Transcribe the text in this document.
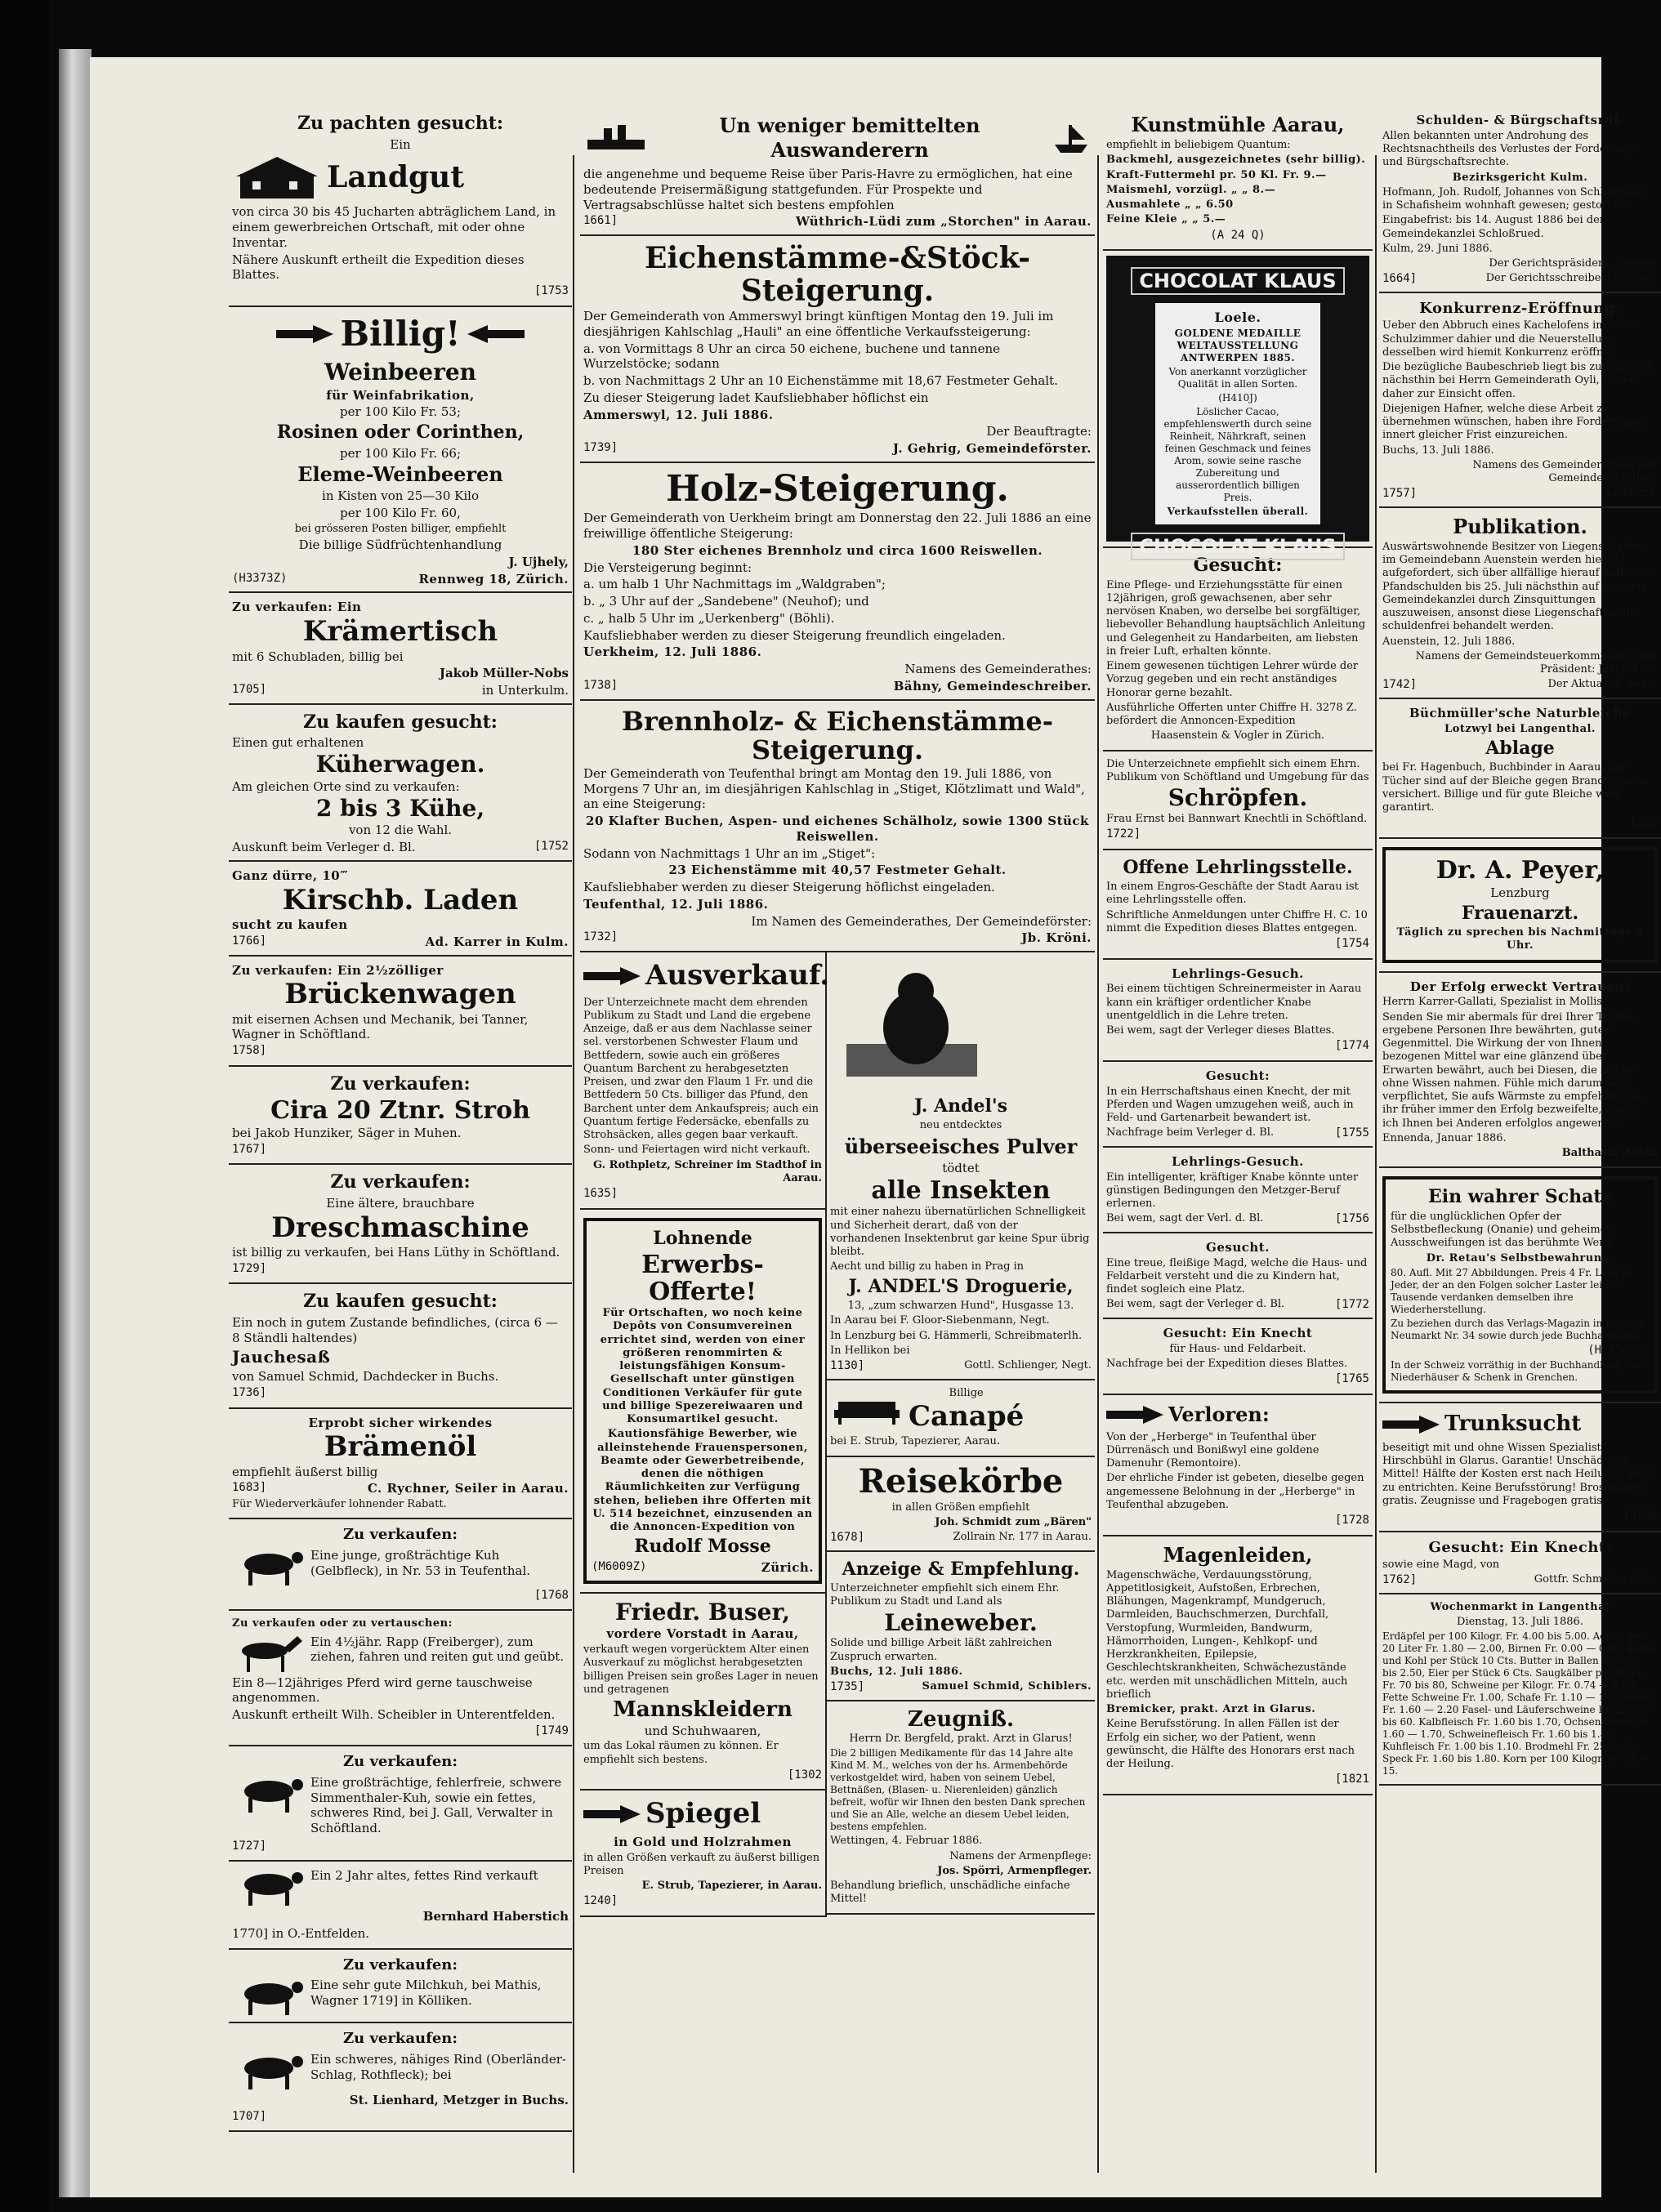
Zu pachten gesucht:

Ein

Landgut

von circa 30 bis 45 Jucharten abträglichem Land, in einem gewerbreichen Ortschaft, mit oder ohne Inventar.

Nähere Auskunft ertheilt die Expedition dieses Blattes.

[1753

Billig!

Weinbeeren

für Weinfabrikation,

per 100 Kilo Fr. 53;

Rosinen oder Corinthen,

per 100 Kilo Fr. 66;

Eleme-Weinbeeren

in Kisten von 25—30 Kilo

per 100 Kilo Fr. 60,

bei grösseren Posten billiger, empfiehlt

Die billige Südfrüchtenhandlung

J. Ujhely,

(H3373Z)	Rennweg 18, Zürich.

Zu verkaufen: Ein

Krämertisch

mit 6 Schubladen, billig bei

Jakob Müller-Nobs

1705]	in Unterkulm.

Zu kaufen gesucht:

Einen gut erhaltenen

Küherwagen.

Am gleichen Orte sind zu verkaufen:

2 bis 3 Kühe,

von 12 die Wahl.

Auskunft beim Verleger d. Bl.	[1752

Ganz dürre, 10‴

Kirschb. Laden

sucht zu kaufen

1766]	Ad. Karrer in Kulm.

Zu verkaufen: Ein 2½zölliger

Brückenwagen

mit eisernen Achsen und Mechanik, bei Tanner, Wagner in Schöftland.

1758]

Zu verkaufen:

Cira 20 Ztnr. Stroh

bei Jakob Hunziker, Säger in Muhen.

1767]

Zu verkaufen:

Eine ältere, brauchbare

Dreschmaschine

ist billig zu verkaufen, bei Hans Lüthy in Schöftland.

1729]

Zu kaufen gesucht:

Ein noch in gutem Zustande befindliches, (circa 6 — 8 Ständli haltendes)

Jauchesaß

von Samuel Schmid, Dachdecker in Buchs.

1736]

Erprobt sicher wirkendes

Brämenöl

empfiehlt äußerst billig

1683]	C. Rychner, Seiler in Aarau.

Für Wiederverkäufer lohnender Rabatt.

Zu verkaufen:

Eine junge, großträchtige Kuh (Gelbfleck), in Nr. 53 in Teufenthal.

[1768

Zu verkaufen oder zu vertauschen:

Ein 4½jähr. Rapp (Freiberger), zum ziehen, fahren und reiten gut und geübt.

Ein 8—12jähriges Pferd wird gerne tauschweise angenommen.

Auskunft ertheilt Wilh. Scheibler in Unterentfelden.

[1749

Zu verkaufen:

Eine großträchtige, fehlerfreie, schwere Simmenthaler-Kuh, sowie ein fettes, schweres Rind, bei J. Gall, Verwalter in Schöftland.

1727]

Ein 2 Jahr altes, fettes Rind verkauft

Bernhard Haberstich

1770] in O.-Entfelden.

Zu verkaufen:

Eine sehr gute Milchkuh, bei Mathis, Wagner 1719] in Kölliken.

Zu verkaufen:

Ein schweres, nähiges Rind (Oberländer-Schlag, Rothfleck); bei

St. Lienhard, Metzger in Buchs.

1707]

Un weniger bemittelten Auswanderern

die angenehme und bequeme Reise über Paris-Havre zu ermöglichen, hat eine bedeutende Preisermäßigung stattgefunden. Für Prospekte und Vertragsabschlüsse haltet sich bestens empfohlen

1661]	Wüthrich-Lüdi zum „Storchen" in Aarau.

Eichenstämme-&Stöck-Steigerung.

Der Gemeinderath von Ammerswyl bringt künftigen Montag den 19. Juli im diesjährigen Kahlschlag „Hauli" an eine öffentliche Verkaufssteigerung:

a. von Vormittags 8 Uhr an circa 50 eichene, buchene und tannene Wurzelstöcke; sodann

b. von Nachmittags 2 Uhr an 10 Eichenstämme mit 18,67 Festmeter Gehalt.

Zu dieser Steigerung ladet Kaufsliebhaber höflichst ein

Ammerswyl, 12. Juli 1886.

Der Beauftragte:

1739]	J. Gehrig, Gemeindeförster.

Holz-Steigerung.

Der Gemeinderath von Uerkheim bringt am Donnerstag den 22. Juli 1886 an eine freiwillige öffentliche Steigerung:

180 Ster eichenes Brennholz und circa 1600 Reiswellen.

Die Versteigerung beginnt:

a. um halb 1 Uhr Nachmittags im „Waldgraben";

b. „ 3 Uhr auf der „Sandebene" (Neuhof); und

c. „ halb 5 Uhr im „Uerkenberg" (Böhli).

Kaufsliebhaber werden zu dieser Steigerung freundlich eingeladen.

Uerkheim, 12. Juli 1886.

Namens des Gemeinderathes:

1738]	Bähny, Gemeindeschreiber.

Brennholz- & Eichenstämme-Steigerung.

Der Gemeinderath von Teufenthal bringt am Montag den 19. Juli 1886, von Morgens 7 Uhr an, im diesjährigen Kahlschlag in „Stiget, Klötzlimatt und Wald", an eine Steigerung:

20 Klafter Buchen, Aspen- und eichenes Schälholz, sowie 1300 Stück Reiswellen.

Sodann von Nachmittags 1 Uhr an im „Stiget":

23 Eichenstämme mit 40,57 Festmeter Gehalt.

Kaufsliebhaber werden zu dieser Steigerung höflichst eingeladen.

Teufenthal, 12. Juli 1886.

Im Namen des Gemeinderathes, Der Gemeindeförster:

1732]	Jb. Kröni.
Ausverkauf.

Der Unterzeichnete macht dem ehrenden Publikum zu Stadt und Land die ergebene Anzeige, daß er aus dem Nachlasse seiner sel. verstorbenen Schwester Flaum und Bettfedern, sowie auch ein größeres Quantum Barchent zu herabgesetzten Preisen, und zwar den Flaum 1 Fr. und die Bettfedern 50 Cts. billiger das Pfund, den Barchent unter dem Ankaufspreis; auch ein Quantum fertige Federsäcke, ebenfalls zu Strohsäcken, alles gegen baar verkauft.

Sonn- und Feiertagen wird nicht verkauft.

G. Rothpletz, Schreiner im Stadthof in Aarau.

1635]

Lohnende

Erwerbs-Offerte!

Für Ortschaften, wo noch keine Depôts von Consumvereinen errichtet sind, werden von einer größeren renommirten & leistungsfähigen Konsum-Gesellschaft unter günstigen Conditionen Verkäufer für gute und billige Spezereiwaaren und Konsumartikel gesucht.

Kautionsfähige Bewerber, wie alleinstehende Frauenspersonen, Beamte oder Gewerbetreibende, denen die nöthigen Räumlichkeiten zur Verfügung stehen, belieben ihre Offerten mit U. 514 bezeichnet, einzusenden an die Annoncen-Expedition von

Rudolf Mosse

(M6009Z)	Zürich.

Friedr. Buser,

vordere Vorstadt in Aarau,

verkauft wegen vorgerücktem Alter einen Ausverkauf zu möglichst herabgesetzten billigen Preisen sein großes Lager in neuen und getragenen

Mannskleidern

und Schuhwaaren,

um das Lokal räumen zu können. Er empfiehlt sich bestens.

[1302

Spiegel

in Gold und Holzrahmen

in allen Größen verkauft zu äußerst billigen Preisen

E. Strub, Tapezierer, in Aarau.

1240]

J. Andel's

neu entdecktes

überseeisches Pulver

tödtet

alle Insekten

mit einer nahezu übernatürlichen Schnelligkeit und Sicherheit derart, daß von der vorhandenen Insektenbrut gar keine Spur übrig bleibt.

Aecht und billig zu haben in Prag in

J. ANDEL'S Droguerie,

13, „zum schwarzen Hund", Husgasse 13.

In Aarau bei F. Gloor-Siebenmann, Negt.

In Lenzburg bei G. Hämmerli, Schreibmaterlh.

In Hellikon bei

1130]	Gottl. Schlienger, Negt.

Billige

Canapé

bei E. Strub, Tapezierer, Aarau.

Reisekörbe

in allen Größen empfiehlt

Joh. Schmidt zum „Bären"

1678]	Zollrain Nr. 177 in Aarau.

Anzeige & Empfehlung.

Unterzeichneter empfiehlt sich einem Ehr. Publikum zu Stadt und Land als

Leineweber.

Solide und billige Arbeit läßt zahlreichen Zuspruch erwarten.

Buchs, 12. Juli 1886.

1735]	Samuel Schmid, Schiblers.

Zeugniß.

Herrn Dr. Bergfeld, prakt. Arzt in Glarus!

Die 2 billigen Medikamente für das 14 Jahre alte Kind M. M., welches von der hs. Armenbehörde verkostgeldet wird, haben von seinem Uebel, Bettnäßen, (Blasen- u. Nierenleiden) gänzlich befreit, wofür wir Ihnen den besten Dank sprechen und Sie an Alle, welche an diesem Uebel leiden, bestens empfehlen.

Wettingen, 4. Februar 1886.

Namens der Armenpflege:

Jos. Spörri, Armenpfleger.

Behandlung brieflich, unschädliche einfache Mittel!

Kunstmühle Aarau,

empfiehlt in beliebigem Quantum:

Backmehl, ausgezeichnetes (sehr billig).

Kraft-Futtermehl pr. 50 Kl. Fr. 9.—

Maismehl, vorzügl. „ „ 8.—

Ausmahlete „ „ 6.50

Feine Kleie „ „ 5.—

(A 24 Q)

CHOCOLAT KLAUS

Loele.

GOLDENE MEDAILLE WELTAUSSTELLUNG ANTWERPEN 1885.

Von anerkannt vorzüglicher Qualität in allen Sorten.

(H410J)

Löslicher Cacao, empfehlenswerth durch seine Reinheit, Nährkraft, seinen feinen Geschmack und feines Arom, sowie seine rasche Zubereitung und ausserordentlich billigen Preis.

Verkaufsstellen überall.

CHOCOLAT KLAUS

Gesucht:

Eine Pflege- und Erziehungsstätte für einen 12jährigen, groß gewachsenen, aber sehr nervösen Knaben, wo derselbe bei sorgfältiger, liebevoller Behandlung hauptsächlich Anleitung und Gelegenheit zu Handarbeiten, am liebsten in freier Luft, erhalten könnte.

Einem gewesenen tüchtigen Lehrer würde der Vorzug gegeben und ein recht anständiges Honorar gerne bezahlt.

Ausführliche Offerten unter Chiffre H. 3278 Z. befördert die Annoncen-Expedition

Haasenstein & Vogler in Zürich.

Die Unterzeichnete empfiehlt sich einem Ehrn. Publikum von Schöftland und Umgebung für das

Schröpfen.

Frau Ernst bei Bannwart Knechtli in Schöftland.

1722]

Offene Lehrlingsstelle.

In einem Engros-Geschäfte der Stadt Aarau ist eine Lehrlingsstelle offen.

Schriftliche Anmeldungen unter Chiffre H. C. 10 nimmt die Expedition dieses Blattes entgegen.

[1754

Lehrlings-Gesuch.

Bei einem tüchtigen Schreinermeister in Aarau kann ein kräftiger ordentlicher Knabe unentgeldlich in die Lehre treten.

Bei wem, sagt der Verleger dieses Blattes.

[1774

Gesucht:

In ein Herrschaftshaus einen Knecht, der mit Pferden und Wagen umzugehen weiß, auch in Feld- und Gartenarbeit bewandert ist.

Nachfrage beim Verleger d. Bl.	[1755

Lehrlings-Gesuch.

Ein intelligenter, kräftiger Knabe könnte unter günstigen Bedingungen den Metzger-Beruf erlernen.

Bei wem, sagt der Verl. d. Bl.	[1756

Gesucht.

Eine treue, fleißige Magd, welche die Haus- und Feldarbeit versteht und die zu Kindern hat, findet sogleich eine Platz.

Bei wem, sagt der Verleger d. Bl.	[1772

Gesucht: Ein Knecht

für Haus- und Feldarbeit.

Nachfrage bei der Expedition dieses Blattes.

[1765

Verloren:

Von der „Herberge" in Teufenthal über Dürrenäsch und Bonißwyl eine goldene Damenuhr (Remontoire).

Der ehrliche Finder ist gebeten, dieselbe gegen angemessene Belohnung in der „Herberge" in Teufenthal abzugeben.

[1728

Magenleiden,

Magenschwäche, Verdauungsstörung, Appetitlosigkeit, Aufstoßen, Erbrechen, Blähungen, Magenkrampf, Mundgeruch, Darmleiden, Bauchschmerzen, Durchfall, Verstopfung, Wurmleiden, Bandwurm, Hämorrhoiden, Lungen-, Kehlkopf- und Herzkrankheiten, Epilepsie, Geschlechtskrankheiten, Schwächezustände etc. werden mit unschädlichen Mitteln, auch brieflich

Bremicker, prakt. Arzt in Glarus.

Keine Berufsstörung. In allen Fällen ist der Erfolg ein sicher, wo der Patient, wenn gewünscht, die Hälfte des Honorars erst nach der Heilung.

[1821

Schulden- & Bürgschaftsruf.

Allen bekannten unter Androhung des Rechtsnachtheils des Verlustes der Forderungs- und Bürgschaftsrechte.

Bezirksgericht Kulm.

Hofmann, Joh. Rudolf, Johannes von Schloßrued, in Schafisheim wohnhaft gewesen; gestorben.

Eingabefrist: bis 14. August 1886 bei der Gemeindekanzlei Schloßrued.

Kulm, 29. Juni 1886.

Der Gerichtspräsident: Steiner.

1664]	Der Gerichtsschreiber: Bolliger.

Konkurrenz-Eröffnung.

Ueber den Abbruch eines Kachelofens im obern Schulzimmer dahier und die Neuerstellung desselben wird hiemit Konkurrenz eröffnet.

Die bezügliche Baubeschrieb liegt bis zum 23. Juli nächsthin bei Herrn Gemeinderath Oyli, Gerber daher zur Einsicht offen.

Diejenigen Hafner, welche diese Arbeit zu übernehmen wünschen, haben ihre Forderungen innert gleicher Frist einzureichen.

Buchs, 13. Juli 1886.

Namens des Gemeinderathes: Der Gemeindeschreiber:

1757]	Lienhard.

Publikation.

Auswärtswohnende Besitzer von Liegenschaften im Gemeindebann Auenstein werden hiemit aufgefordert, sich über allfällige hierauf haftende Pfandschulden bis 25. Juli nächsthin auf hiesiger Gemeindekanzlei durch Zinsquittungen auszuweisen, ansonst diese Liegenschaften als schuldenfrei behandelt werden.

Auenstein, 12. Juli 1886.

Namens der Gemeindsteuerkommission, Der Präsident: Jakob Frei.

1742]	Der Aktuar: F. Senn.

Büchmüller'sche Naturbleiche

Lotzwyl bei Langenthal.

Ablage

bei Fr. Hagenbuch, Buchbinder in Aarau. Die Tücher sind auf der Bleiche gegen Brandschaden versichert. Billige und für gute Bleiche wird garantirt.

[396

Dr. A. Peyer,

Lenzburg

Frauenarzt.

Täglich zu sprechen bis Nachmittags 2 Uhr.

Der Erfolg erweckt Vertrauen!

Herrn Karrer-Gallati, Spezialist in Mollis.

Senden Sie mir abermals für drei Ihrer Trunke ergebene Personen Ihre bewährten, guten Gegenmittel. Die Wirkung der von Ihnen bezogenen Mittel war eine glänzend über Erwarten bewährt, auch bei Diesen, die solche ohne Wissen nahmen. Fühle mich darum sehr verpflichtet, Sie aufs Wärmste zu empfehlen, als ihr früher immer den Erfolg bezweifelte, indem ich Ihnen bei Anderen erfolglos angewendet.

Ennenda, Januar 1886.

Balthasar Aebli.

Ein wahrer Schatz

für die unglücklichen Opfer der Selbstbefleckung (Onanie) und geheimen Ausschweifungen ist das berühmte Werk:

Dr. Retau's Selbstbewahrung.

80. Aufl. Mit 27 Abbildungen. Preis 4 Fr. Lese es Jeder, der an den Folgen solcher Laster leidet. Tausende verdanken demselben ihre Wiederherstellung.

Zu beziehen durch das Verlags-Magazin in Leipzig, Neumarkt Nr. 34 sowie durch jede Buchhandlung.

(H 35000)

In der Schweiz vorräthig in der Buchhandlung von Niederhäuser & Schenk in Grenchen.

Trunksucht

beseitigt mit und ohne Wissen Spezialist Hirschbühl in Glarus. Garantie! Unschädliche Mittel! Hälfte der Kosten erst nach Heilung! Stets zu entrichten. Keine Berufsstörung! Broschüren gratis. Zeugnisse und Fragebogen gratis.

[1296

Gesucht: Ein Knecht,

sowie eine Magd, von

1762]	Gottfr. Schmid in Suhr.

Wochenmarkt in Langenthal

Dienstag, 13. Juli 1886.

Erdäpfel per 100 Kilogr. Fr. 4.00 bis 5.00. Aepfel per 20 Liter Fr. 1.80 — 2.00, Birnen Fr. 0.00 — 0.00, Kabis und Kohl per Stück 10 Cts. Butter in Ballen Fr. 2.20 bis 2.50, Eier per Stück 6 Cts. Saugkälber per Stück Fr. 70 bis 80, Schweine per Kilogr. Fr. 0.74 — 0.80. Fette Schweine Fr. 1.00, Schafe Fr. 1.10 — 1.20 Ferkel Fr. 1.60 — 2.20 Fasel- und Läuferschweine Fr. 22 — 27 bis 60. Kalbfleisch Fr. 1.60 bis 1.70, Ochsenfleisch Fr. 1.60 — 1.70, Schweinefleisch Fr. 1.60 bis 1.80, Kuhfleisch Fr. 1.00 bis 1.10. Brodmehl Fr. 25 — 36. Speck Fr. 1.60 bis 1.80. Korn per 100 Kilogr. Fr. 14 — 15.
